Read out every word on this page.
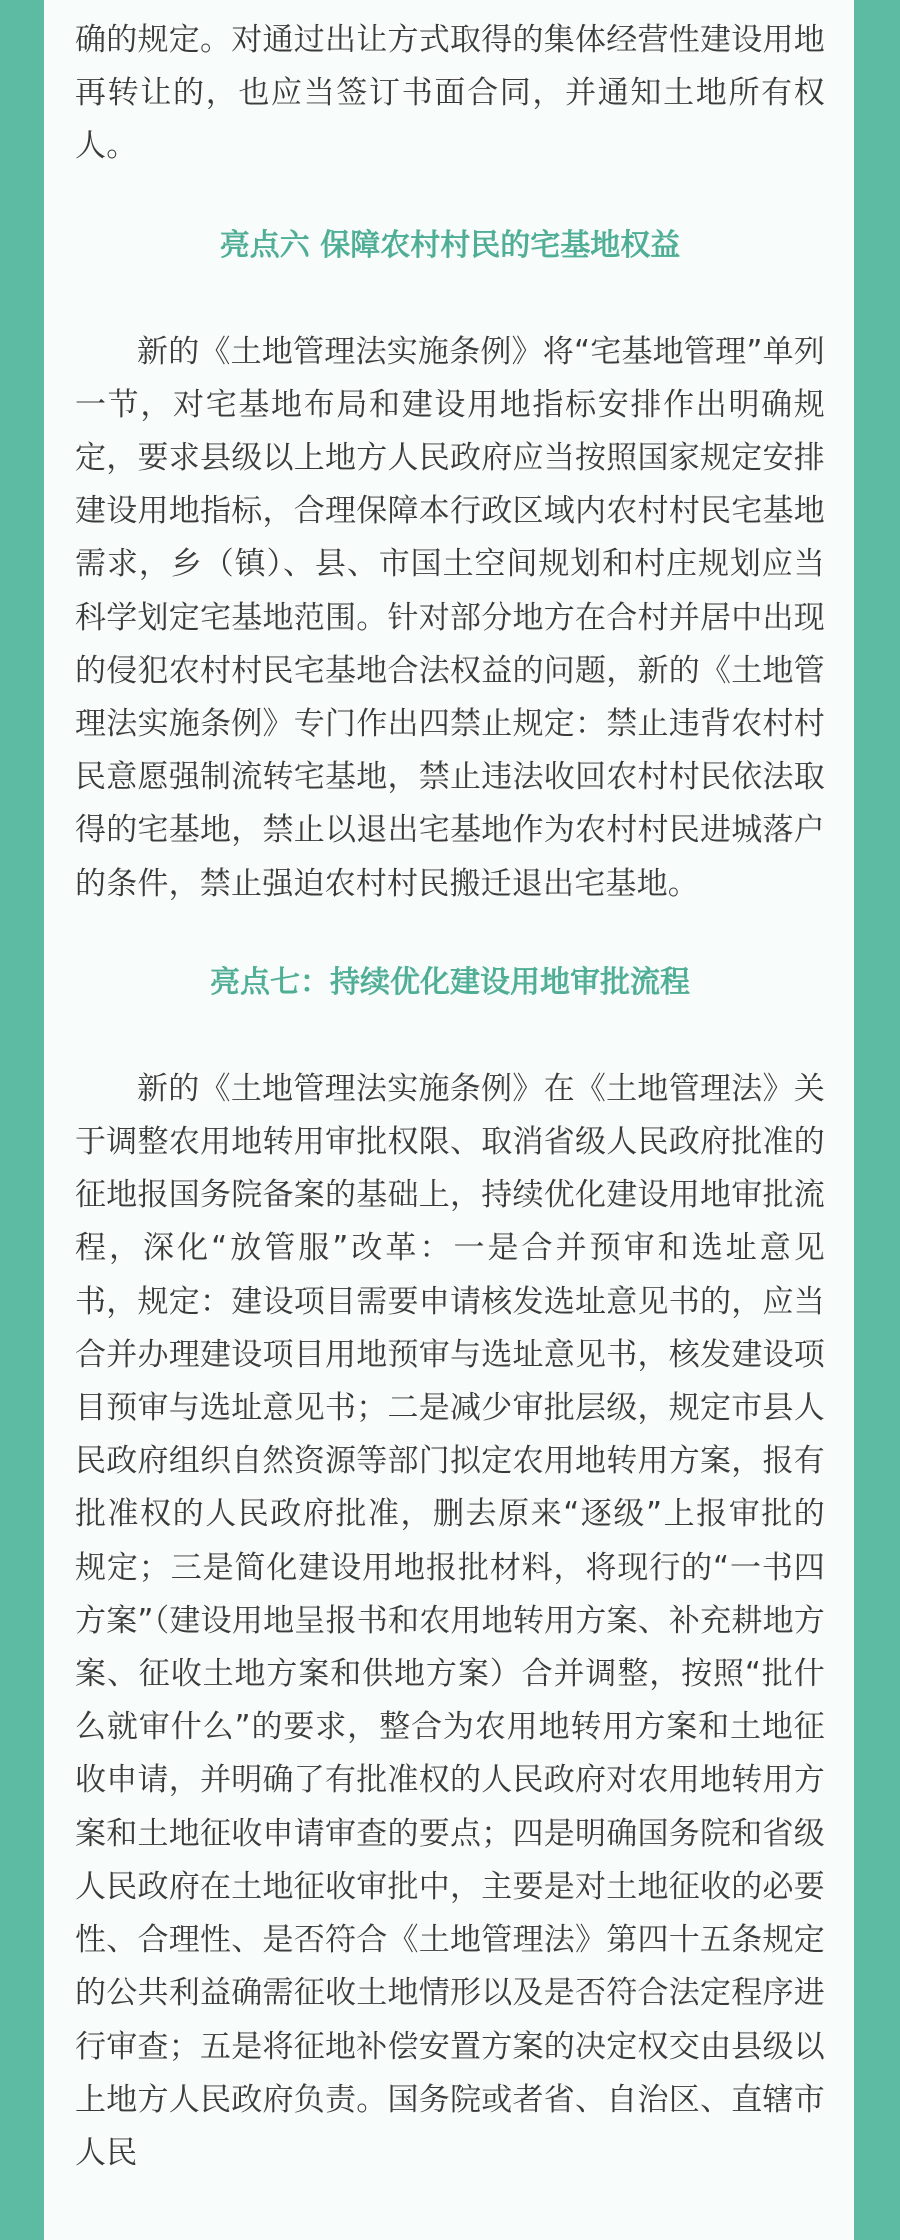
确的规定。对通过出让方式取得的集体经营性建设用地再转让的，也应当签订书面合同，并通知土地所有权人。

亮点六 保障农村村民的宅基地权益

新的《土地管理法实施条例》将“宅基地管理”单列一节，对宅基地布局和建设用地指标安排作出明确规定，要求县级以上地方人民政府应当按照国家规定安排建设用地指标，合理保障本行政区域内农村村民宅基地需求，乡（镇）、县、市国土空间规划和村庄规划应当科学划定宅基地范围。针对部分地方在合村并居中出现的侵犯农村村民宅基地合法权益的问题，新的《土地管理法实施条例》专门作出四禁止规定：禁止违背农村村民意愿强制流转宅基地，禁止违法收回农村村民依法取得的宅基地，禁止以退出宅基地作为农村村民进城落户的条件，禁止强迫农村村民搬迁退出宅基地。

亮点七：持续优化建设用地审批流程

新的《土地管理法实施条例》在《土地管理法》关于调整农用地转用审批权限、取消省级人民政府批准的征地报国务院备案的基础上，持续优化建设用地审批流程，深化“放管服”改革：一是合并预审和选址意见书，规定：建设项目需要申请核发选址意见书的，应当合并办理建设项目用地预审与选址意见书，核发建设项目预审与选址意见书；二是减少审批层级，规定市县人民政府组织自然资源等部门拟定农用地转用方案，报有批准权的人民政府批准，删去原来“逐级”上报审批的规定；三是简化建设用地报批材料，将现行的“一书四方案”（建设用地呈报书和农用地转用方案、补充耕地方案、征收土地方案和供地方案）合并调整，按照“批什么就审什么”的要求，整合为农用地转用方案和土地征收申请，并明确了有批准权的人民政府对农用地转用方案和土地征收申请审查的要点；四是明确国务院和省级人民政府在土地征收审批中，主要是对土地征收的必要性、合理性、是否符合《土地管理法》第四十五条规定的公共利益确需征收土地情形以及是否符合法定程序进行审查；五是将征地补偿安置方案的决定权交由县级以上地方人民政府负责。国务院或者省、自治区、直辖市人民
